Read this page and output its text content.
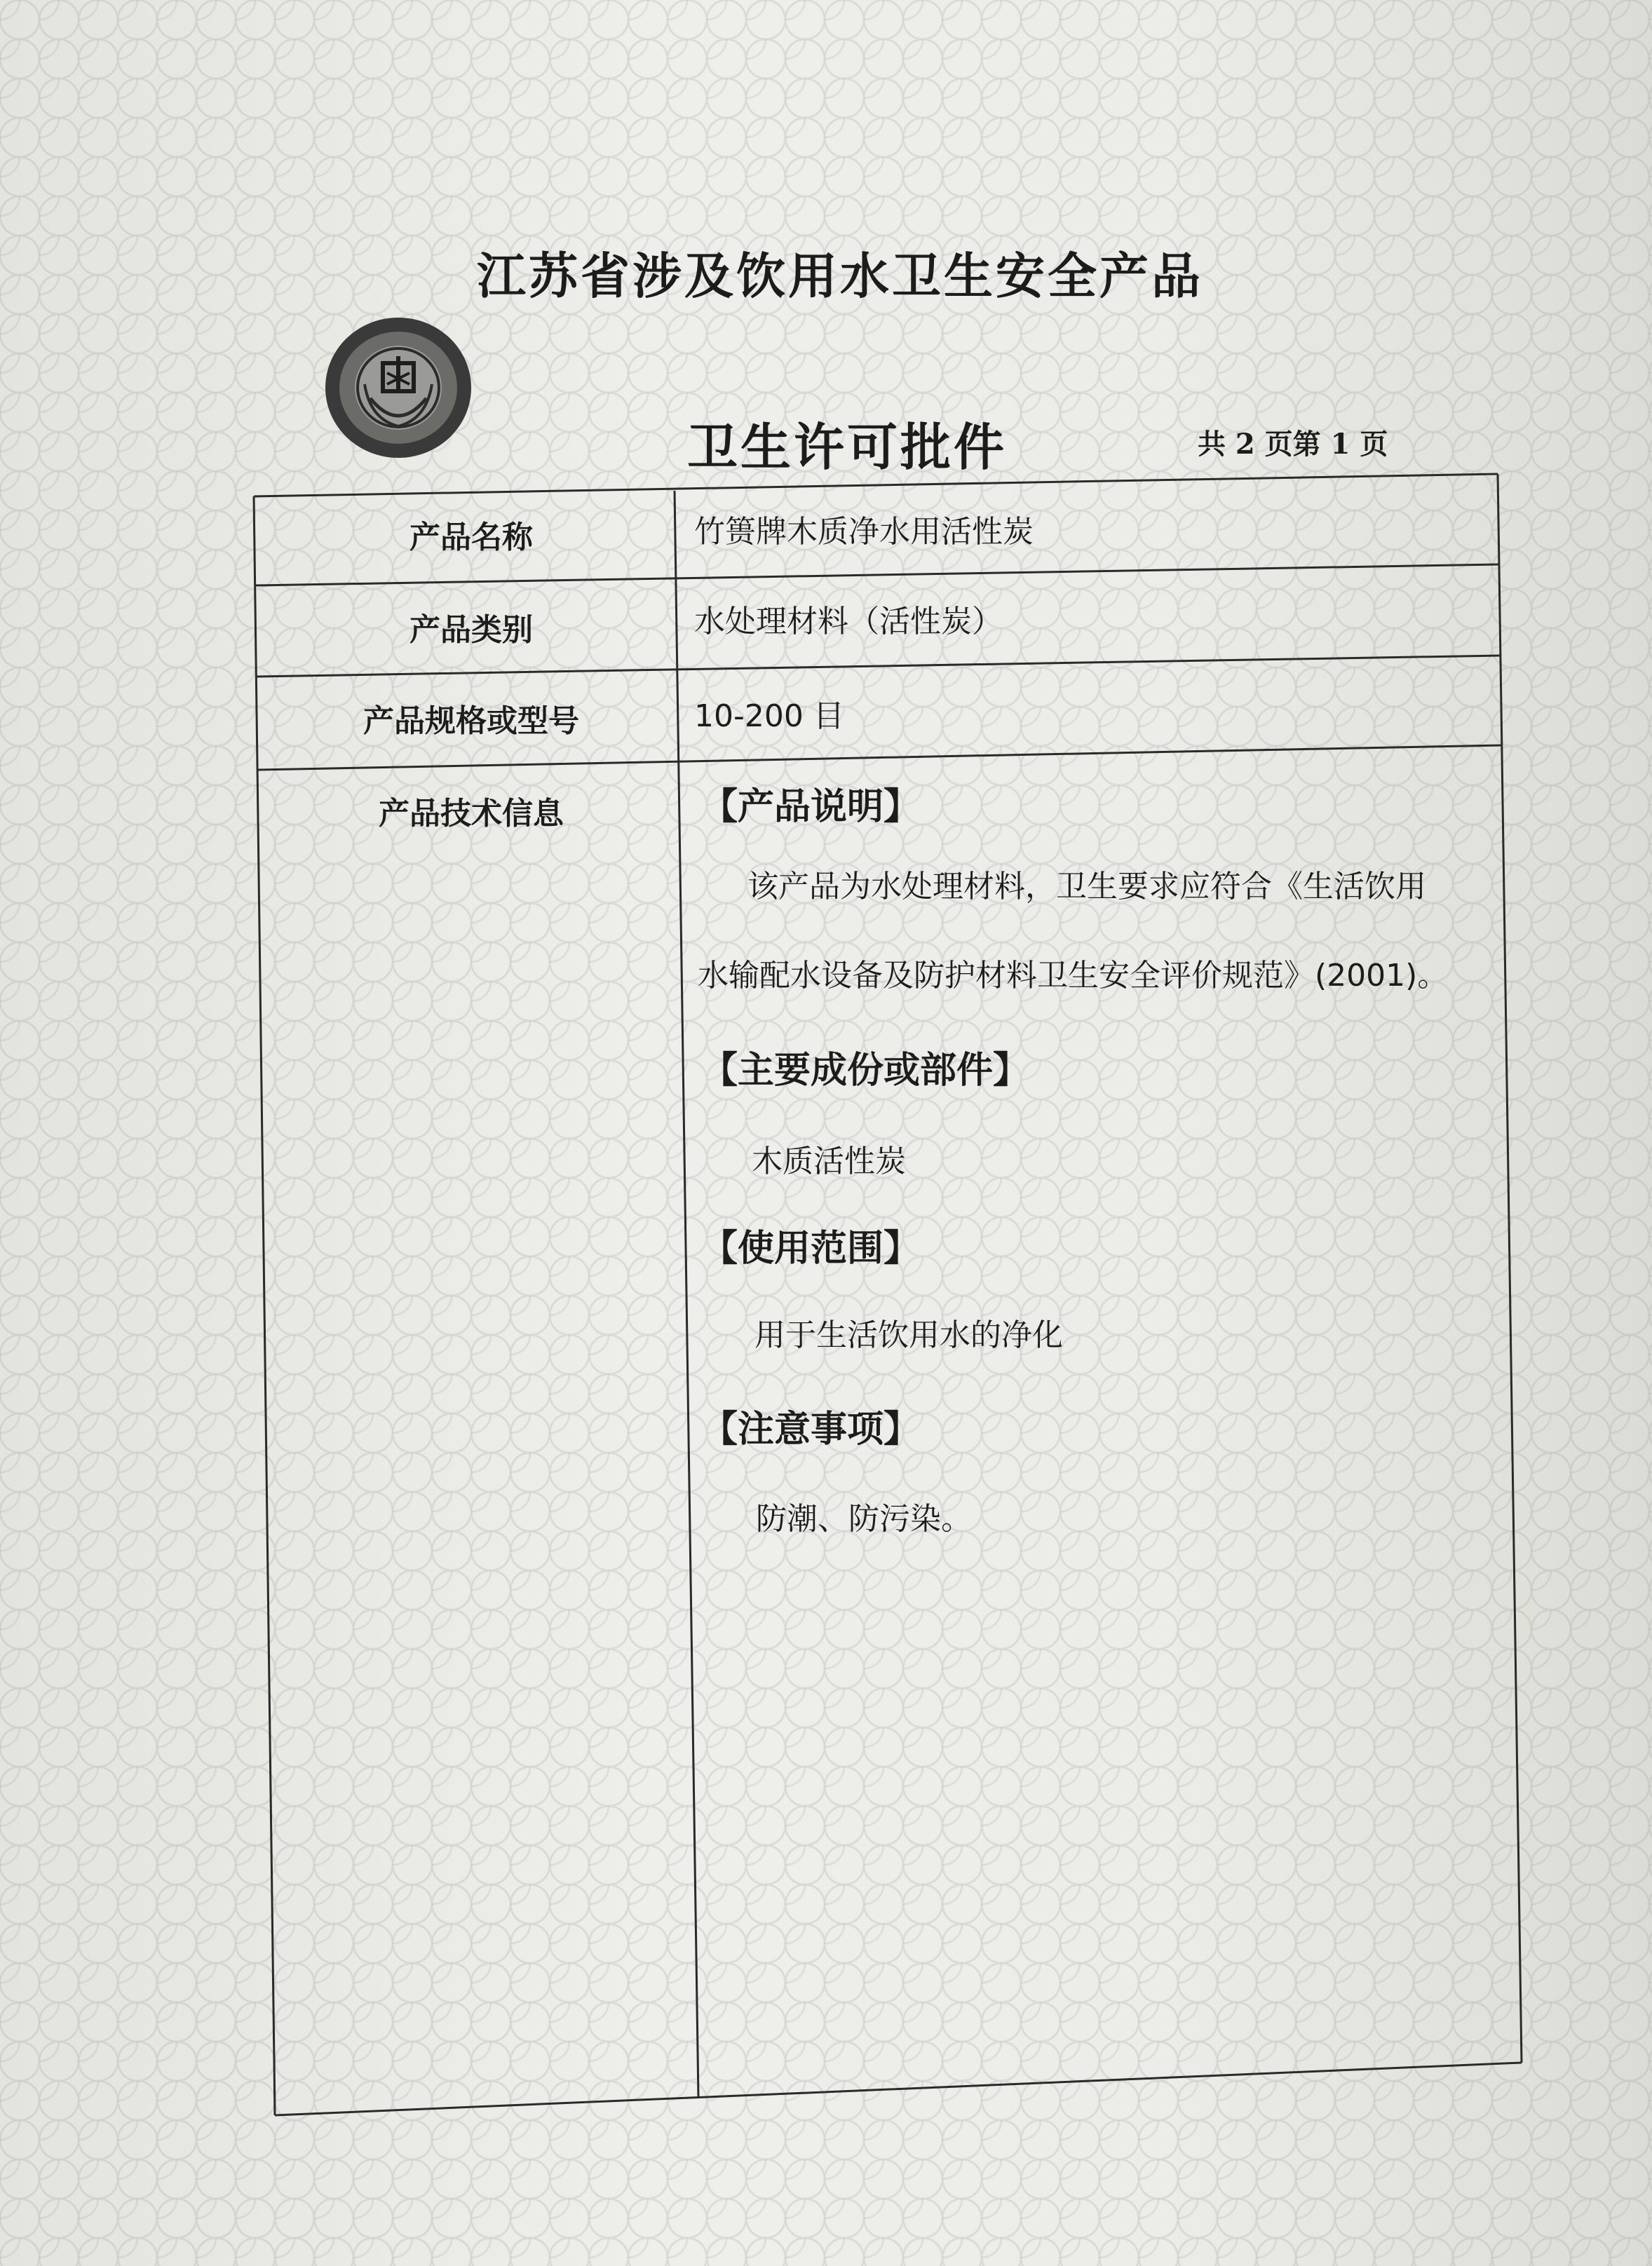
江苏省涉及饮用水卫生安全产品
卫生许可批件	共 2 页第 1 页
产品名称	竹篑牌木质净水用活性炭
产品类别	水处理材料（活性炭）
产品规格或型号	10-200 目
产品技术信息	【产品说明】
该产品为水处理材料，卫生要求应符合《生活饮用
水输配水设备及防护材料卫生安全评价规范》(2001)。
【主要成份或部件】
木质活性炭
【使用范围】
用于生活饮用水的净化
【注意事项】
防潮、防污染。
